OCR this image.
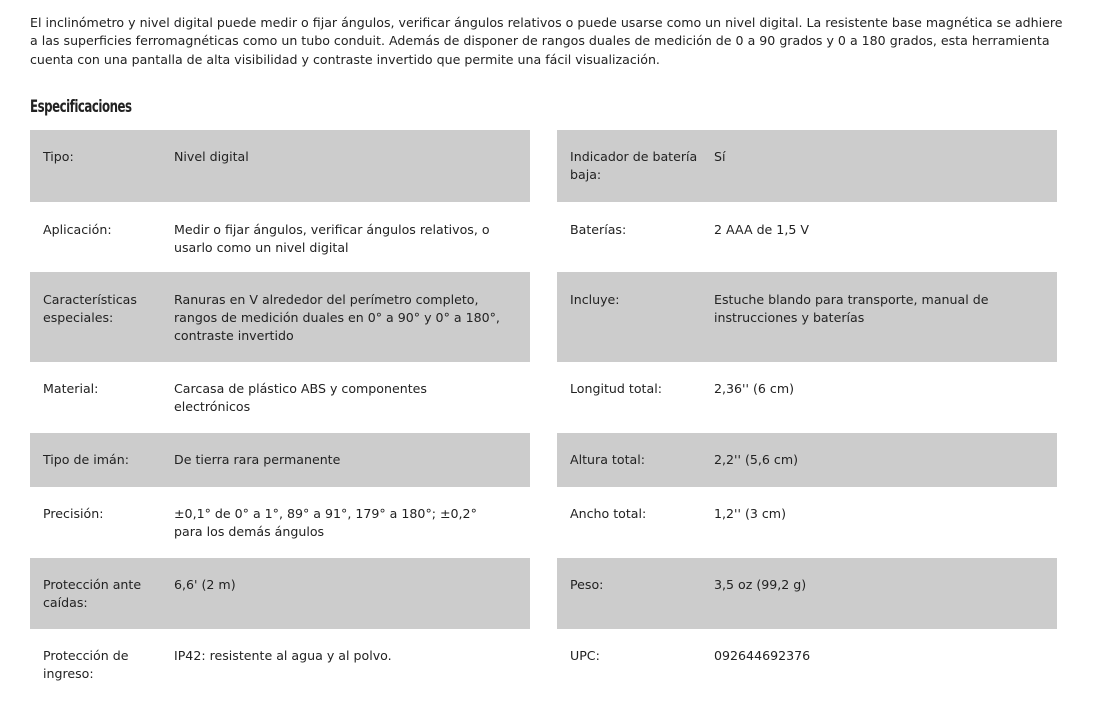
El inclinómetro y nivel digital puede medir o fijar ángulos, verificar ángulos relativos o puede usarse como un nivel digital. La resistente base magnética se adhiere a las superficies ferromagnéticas como un tubo conduit. Además de disponer de rangos duales de medición de 0 a 90 grados y 0 a 180 grados, esta herramienta cuenta con una pantalla de alta visibilidad y contraste invertido que permite una fácil visualización.

Especificaciones
Tipo:	Nivel digital
Aplicación:	Medir o fijar ángulos, verificar ángulos relativos, o usarlo como un nivel digital
Características especiales:
Ranuras en V alrededor del perímetro completo, rangos de medición duales en 0° a 90° y 0° a 180°, contraste invertido
Material:	Carcasa de plástico ABS y componentes electrónicos
Tipo de imán:	De tierra rara permanente
Precisión:	±0,1° de 0° a 1°, 89° a 91°, 179° a 180°; ±0,2° para los demás ángulos
Protección ante caídas:
6,6' (2 m)
Protección de ingreso:
IP42: resistente al agua y al polvo.
Indicador de batería baja:
Sí
Baterías:	2 AAA de 1,5 V
Incluye:	Estuche blando para transporte, manual de instrucciones y baterías
Longitud total:	2,36'' (6 cm)
Altura total:	2,2'' (5,6 cm)
Ancho total:	1,2'' (3 cm)
Peso:	3,5 oz (99,2 g)
UPC:	092644692376
